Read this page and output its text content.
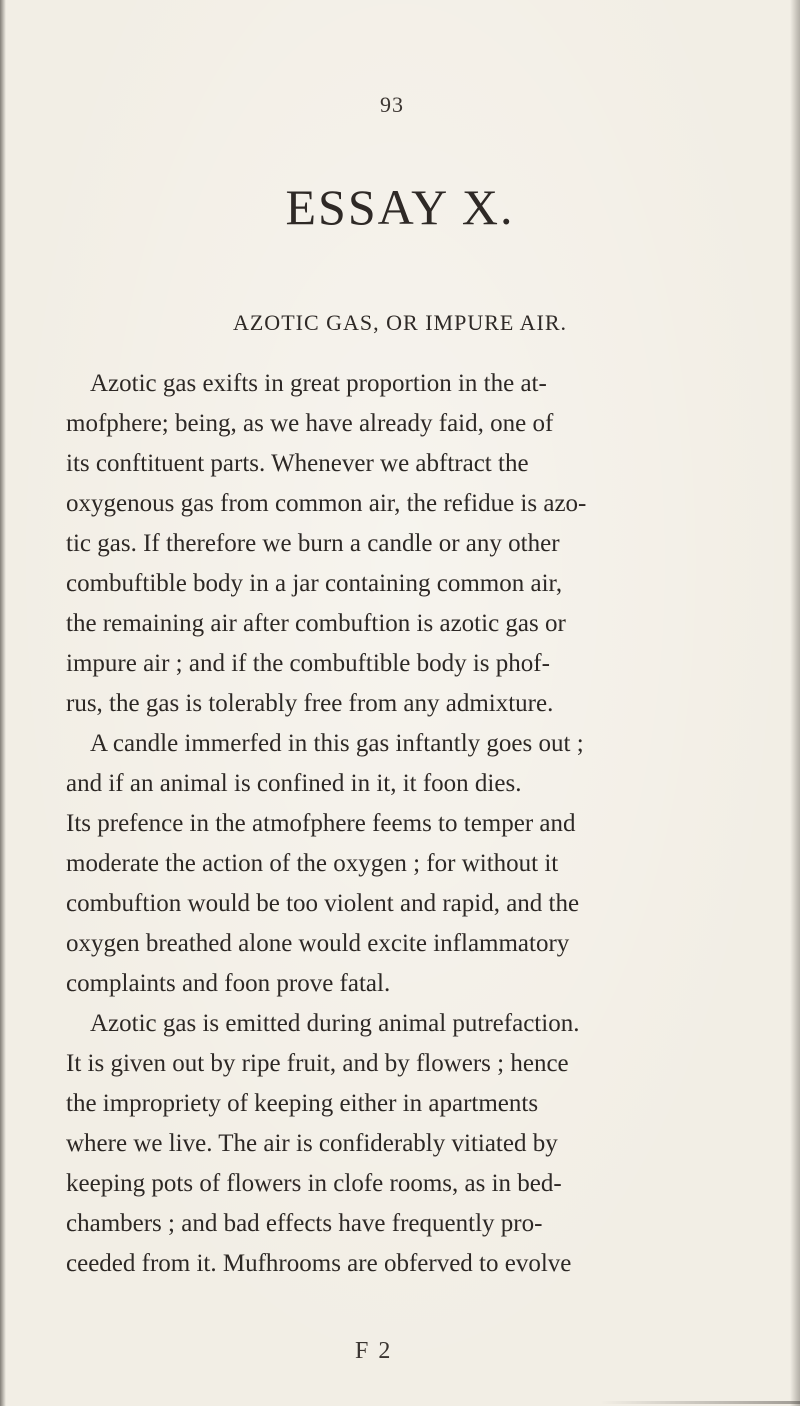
93
ESSAY X.
AZOTIC GAS, OR IMPURE AIR.
Azotic gas exifts in great proportion in the at-
mofphere; being, as we have already faid, one of
its conftituent parts. Whenever we abftract the
oxygenous gas from common air, the refidue is azo-
tic gas. If therefore we burn a candle or any other
combuftible body in a jar containing common air,
the remaining air after combuftion is azotic gas or
impure air ; and if the combuftible body is phof-
rus, the gas is tolerably free from any admixture.
A candle immerfed in this gas inftantly goes out ;
and if an animal is confined in it, it foon dies.
Its prefence in the atmofphere feems to temper and
moderate the action of the oxygen ; for without it
combuftion would be too violent and rapid, and the
oxygen breathed alone would excite inflammatory
complaints and foon prove fatal.
Azotic gas is emitted during animal putrefaction.
It is given out by ripe fruit, and by flowers ; hence
the impropriety of keeping either in apartments
where we live. The air is confiderably vitiated by
keeping pots of flowers in clofe rooms, as in bed-
chambers ; and bad effects have frequently pro-
ceeded from it. Mufhrooms are obferved to evolve
F 2
